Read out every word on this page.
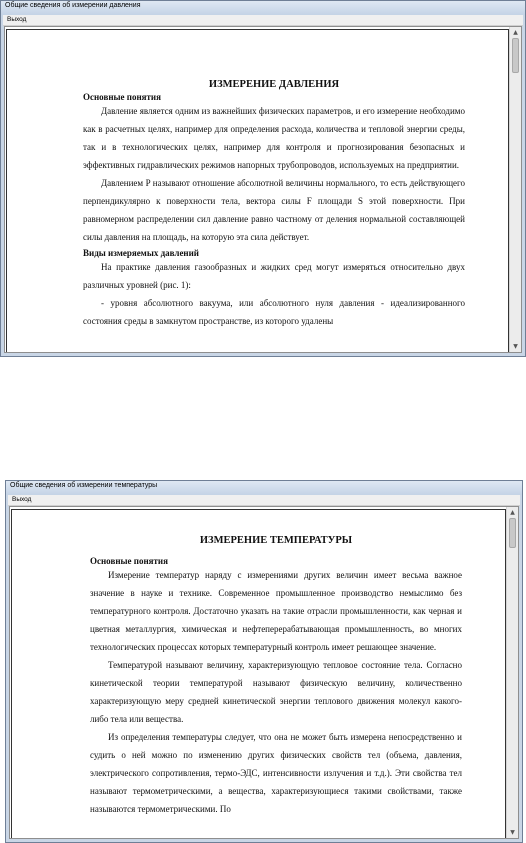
Общие сведения об измерении давления
Выход
ИЗМЕРЕНИЕ ДАВЛЕНИЯ
Основные понятия

Давление является одним из важнейших физических параметров, и его измерение необходимо как в расчетных целях, например для определения расхода, количества и тепловой энергии среды, так и в технологических целях, например для контроля и прогнозирования безопасных и эффективных гидравлических режимов напорных трубопроводов, используемых на предприятии.

Давлением P называют отношение абсолютной величины нормального, то есть действующего перпендикулярно к поверхности тела, вектора силы F площади S этой поверхности. При равномерном распределении сил давление равно частному от деления нормальной составляющей силы давления на площадь, на которую эта сила действует.

Виды измеряемых давлений

На практике давления газообразных и жидких сред могут измеряться относительно двух различных уровней (рис. 1):

- уровня абсолютного вакуума, или абсолютного нуля давления - идеализированного состояния среды в замкнутом пространстве, из которого удалены

▲
▼
Общие сведения об измерении температуры
Выход
ИЗМЕРЕНИЕ ТЕМПЕРАТУРЫ
Основные понятия

Измерение температур наряду с измерениями других величин имеет весьма важное значение в науке и технике. Современное промышленное производство немыслимо без температурного контроля. Достаточно указать на такие отрасли промышленности, как черная и цветная металлургия, химическая и нефтеперерабатывающая промышленность, во многих технологических процессах которых температурный контроль имеет решающее значение.

Температурой называют величину, характеризующую тепловое состояние тела. Согласно кинетической теории температурой называют физическую величину, количественно характеризующую меру средней кинетической энергии теплового движения молекул какого-либо тела или вещества.

Из определения температуры следует, что она не может быть измерена непосредственно и судить о ней можно по изменению других физических свойств тел (объема, давления, электрического сопротивления, термо-ЭДС, интенсивности излучения и т.д.). Эти свойства тел называют термометрическими, а вещества, характеризующиеся такими свойствами, также называются термометрическими. По

▲
▼
